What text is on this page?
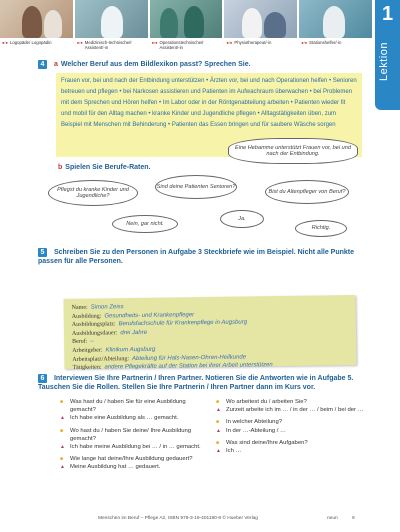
●/● Logopäde/ Logopädin	●/● Medizinisch-technische/r Assistent/-in
●/● Operationstechnische/r Assistent/-in
●/● Physiotherapeut/-in	●/● Stationshelfer/-in
1
Lektion
4 a Welcher Beruf aus dem Bildlexikon passt? Sprechen Sie.
Frauen vor, bei und nach der Entbindung unterstützen • Ärzten vor, bei und nach Operationen helfen • Senioren betreuen und pflegen • bei Narkosen assistieren und Patienten im Aufwachraum überwachen • bei Problemen mit dem Sprechen und Hören helfen • Im Labor oder in der Röntgenabteilung arbeiten • Patienten wieder fit und mobil für den Alltag machen • kranke Kinder und Jugendliche pflegen • Alltagstätigkeiten üben, zum Beispiel mit Menschen mit Behinderung • Patienten das Essen bringen und für saubere Wäsche sorgen
Eine Hebamme unterstützt Frauen vor, bei und nach der Entbindung.
b Spielen Sie Berufe-Raten.
Pflegst du kranke Kinder und Jugendliche?
Sind deine Patienten Senioren?
Bist du Altenpfleger von Beruf?
Nein, gar nicht.
Ja.
Richtig.
5 Schreiben Sie zu den Personen in Aufgabe 3 Steckbriefe wie im Beispiel. Nicht alle Punkte passen für alle Personen.
Name: Simon Zeiss
Ausbildung: Gesundheits- und Krankenpfleger
Ausbildungsplatz: Berufsfachschule für Krankenpflege in Augsburg
Ausbildungsdauer: drei Jahre
Beruf: –
Arbeitgeber: Klinikum Augsburg
Arbeitsplatz/Abteilung: Abteilung für Hals-Nasen-Ohren-Heilkunde
Tätigkeiten: andere Pflegekräfte auf der Station bei ihrer Arbeit unterstützen
6 Interviewen Sie Ihre Partnerin / Ihren Partner. Notieren Sie die Antworten wie in Aufgabe 5. Tauschen Sie die Rollen. Stellen Sie Ihre Partnerin / Ihren Partner dann im Kurs vor.
■	Was hast du / haben Sie für eine Ausbildung gemacht?
▲ Ich habe eine Ausbildung als … gemacht.
■	Wo hast du / haben Sie deine/ Ihre Ausbildung gemacht?
▲ Ich habe meine Ausbildung bei … / in … gemacht.
■	Wie lange hat deine/Ihre Ausbildung gedauert?
▲ Meine Ausbildung hat … gedauert.
■	Wo arbeitest du / arbeiten Sie?
▲ Zurzeit arbeite ich im … / in der … / beim / bei der …
■	In welcher Abteilung?
▲ In der …-Abteilung / …
■	Was sind deine/Ihre Aufgaben?
▲ Ich …
Menschen im Beruf – Pflege A2, ISBN 978-3-19-401190-8 © Hueber Verlag	neun	9
